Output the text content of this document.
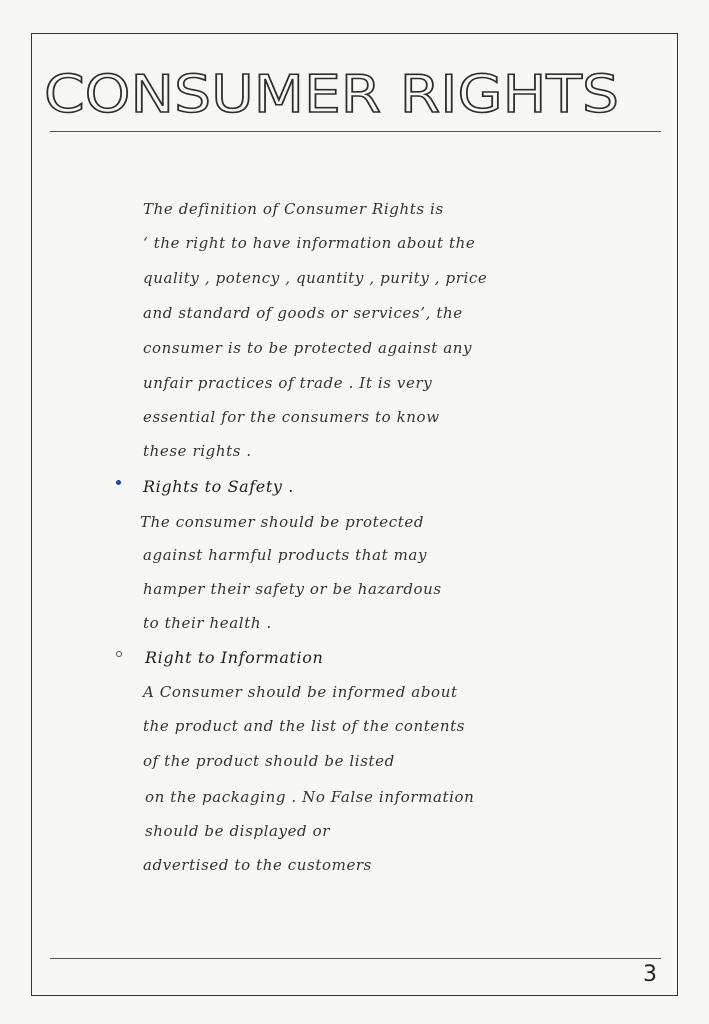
CONSUMER RIGHTS
The definition of Consumer Rights is
‘ the right to have information about the
quality , potency , quantity , purity , price
and standard of goods or services’, the
consumer is to be protected against any
unfair practices of trade . It is very
essential for the consumers to know
these rights .
Rights to Safety .
The consumer should be protected
against harmful products that may
hamper their safety or be hazardous
to their health .
Right to Information
A Consumer should be informed about
the product and the list of the contents
of the product should be listed
on the packaging . No False information
should be displayed or
advertised to the customers
3
